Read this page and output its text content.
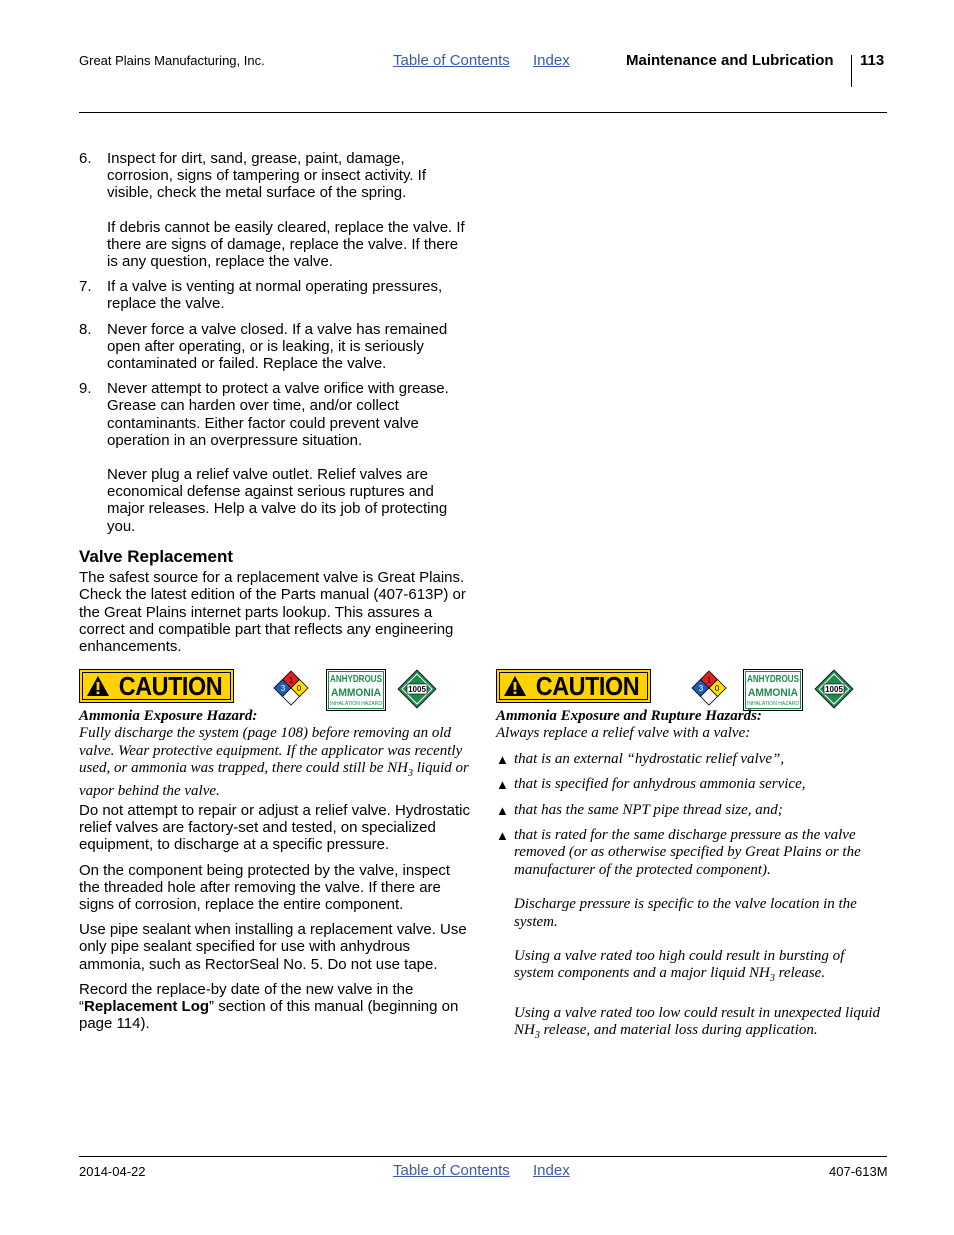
Great Plains Manufacturing, Inc.	Table of Contents Index	Maintenance and Lubrication 113
6. Inspect for dirt, sand, grease, paint, damage, corrosion, signs of tampering or insect activity. If visible, check the metal surface of the spring.

If debris cannot be easily cleared, replace the valve. If there are signs of damage, replace the valve. If there is any question, replace the valve.

7. If a valve is venting at normal operating pressures, replace the valve.

8. Never force a valve closed. If a valve has remained open after operating, or is leaking, it is seriously contaminated or failed. Replace the valve.

9. Never attempt to protect a valve orifice with grease. Grease can harden over time, and/or collect contaminants. Either factor could prevent valve operation in an overpressure situation.

Never plug a relief valve outlet. Relief valves are economical defense against serious ruptures and major releases. Help a valve do its job of protecting you.

Valve Replacement

The safest source for a replacement valve is Great Plains. Check the latest edition of the Parts manual (407-613P) or the Great Plains internet parts lookup. This assures a correct and compatible part that reflects any engineering enhancements.

CAUTION	1
3 0
ANHYDROUS
AMMONIA
INHALATION HAZARD
1005
Ammonia Exposure Hazard:
Fully discharge the system (page 108) before removing an old valve. Wear protective equipment. If the applicator was recently used, or ammonia was trapped, there could still be $NH_3$ liquid or vapor behind the valve.

Do not attempt to repair or adjust a relief valve. Hydrostatic relief valves are factory-set and tested, on specialized equipment, to discharge at a specific pressure.

On the component being protected by the valve, inspect the threaded hole after removing the valve. If there are signs of corrosion, replace the entire component.

Use pipe sealant when installing a replacement valve. Use only pipe sealant specified for use with anhydrous ammonia, such as RectorSeal No. 5. Do not use tape.

Record the replace-by date of the new valve in the “Replacement Log” section of this manual (beginning on page 114).

CAUTION	1
3 0
ANHYDROUS
AMMONIA
INHALATION HAZARD
1005
Ammonia Exposure and Rupture Hazards:
Always replace a relief valve with a valve:

▲ that is an external “hydrostatic relief valve”,

▲ that is specified for anhydrous ammonia service,

▲ that has the same NPT pipe thread size, and;

▲ that is rated for the same discharge pressure as the valve removed (or as otherwise specified by Great Plains or the manufacturer of the protected component).

Discharge pressure is specific to the valve location in the system.

Using a valve rated too high could result in bursting of system components and a major liquid $NH_3$ release.

Using a valve rated too low could result in unexpected liquid $NH_3$ release, and material loss during application.

2014-04-22	Table of Contents Index	407-613M
